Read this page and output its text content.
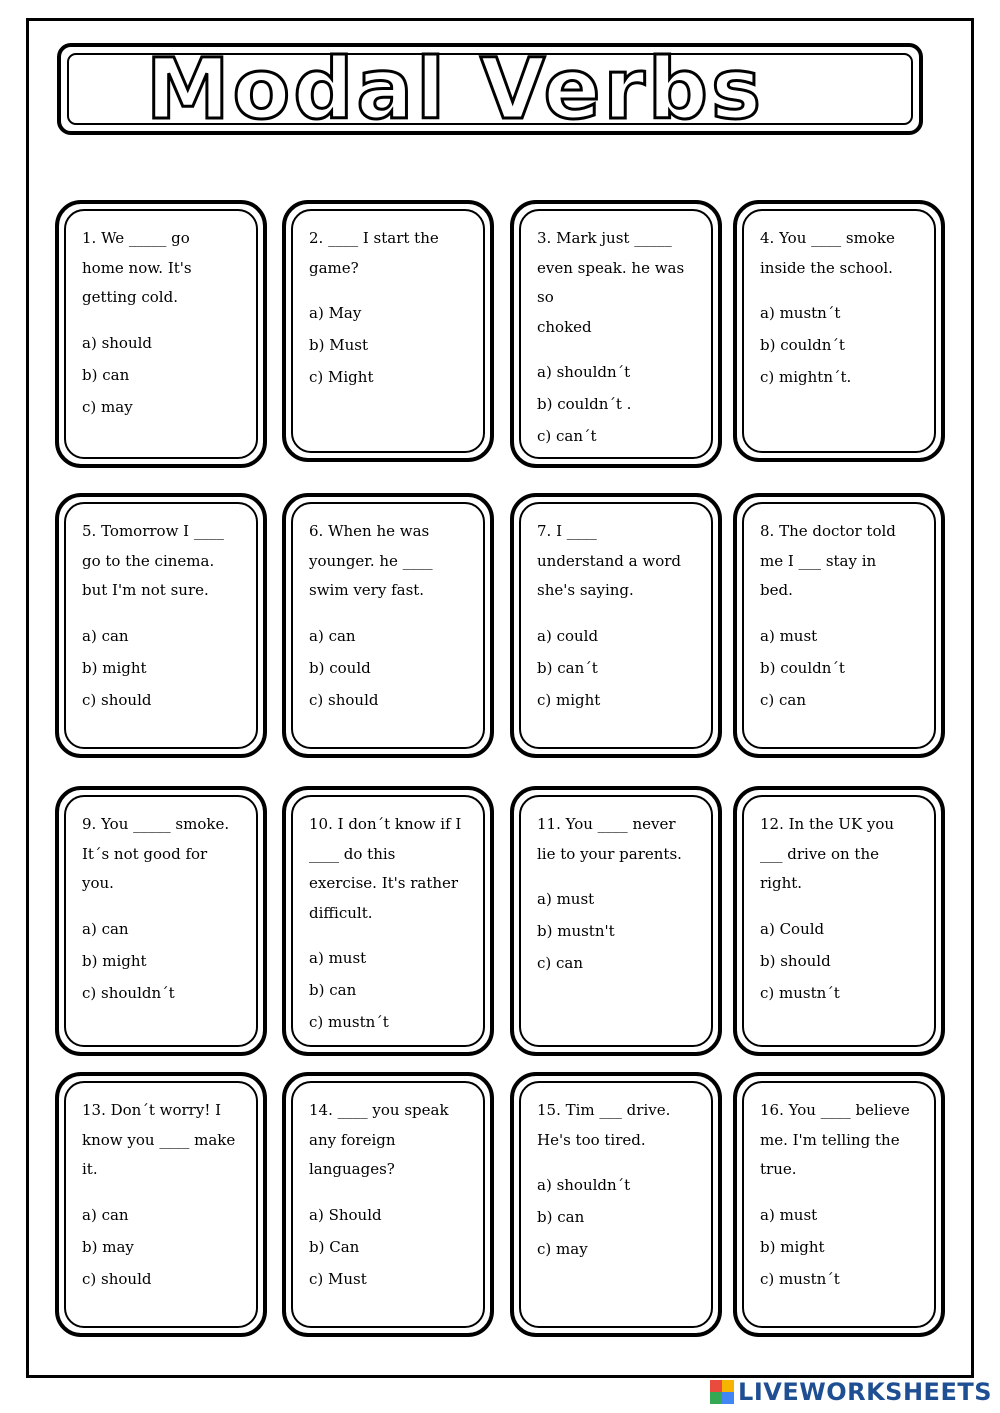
Modal Verbs
1. We _____ go
home now. It's
getting cold.
a) should
b) can
c) may
2. ____ I start the
game?
a) May
b) Must
c) Might
3. Mark just _____
even speak. he was so
choked
a) shouldn´t
b) couldn´t .
c) can´t
4. You ____ smoke
inside the school.
a) mustn´t
b) couldn´t
c) mightn´t.
5. Tomorrow I ____
go to the cinema.
but I'm not sure.
a) can
b) might
c) should
6. When he was
younger. he ____
swim very fast.
a) can
b) could
c) should
7. I ____
understand a word
she's saying.
a) could
b) can´t
c) might
8. The doctor told
me I ___ stay in
bed.
a) must
b) couldn´t
c) can
9. You _____ smoke.
It´s not good for
you.
a) can
b) might
c) shouldn´t
10. I don´t know if I
____ do this
exercise. It's rather
difficult.
a) must
b) can
c) mustn´t
11. You ____ never
lie to your parents.
a) must
b) mustn't
c) can
12. In the UK you
___ drive on the
right.
a) Could
b) should
c) mustn´t
13. Don´t worry! I
know you ____ make
it.
a) can
b) may
c) should
14. ____ you speak
any foreign
languages?
a) Should
b) Can
c) Must
15. Tim ___ drive.
He's too tired.
a) shouldn´t
b) can
c) may
16. You ____ believe
me. I'm telling the
true.
a) must
b) might
c) mustn´t
LIVEWORKSHEETS
